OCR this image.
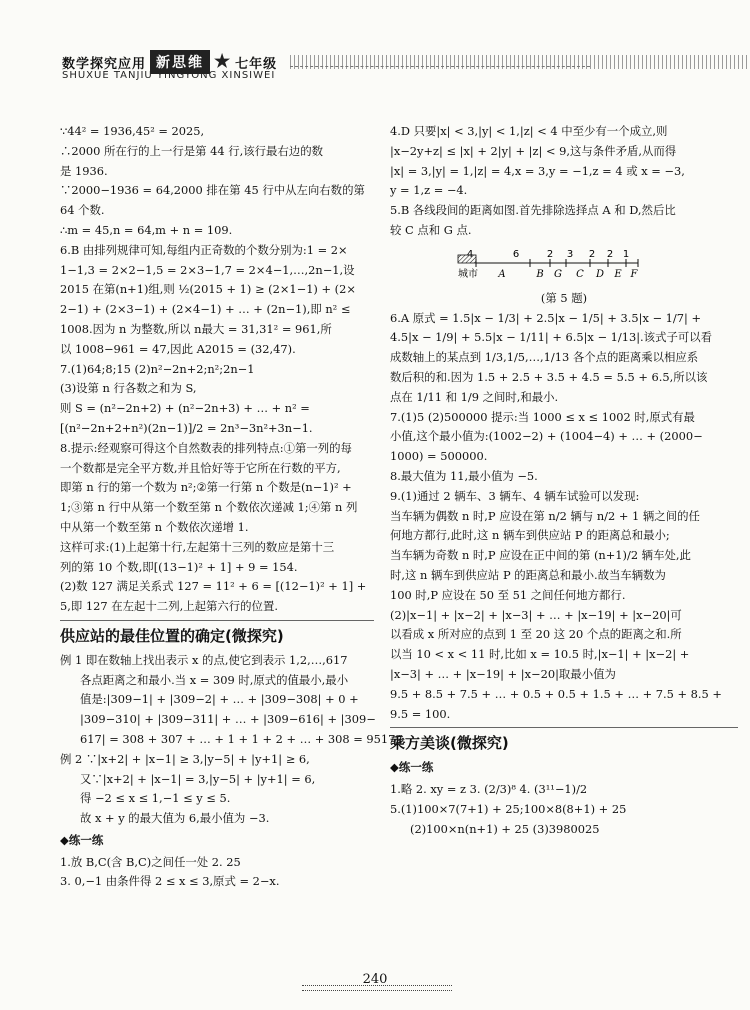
数学探究应用 新思维 ★ 七年级
SHUXUE TANJIU YINGYONG XINSIWEI

∵44² = 1936,45² = 2025,

∴2000 所在行的上一行是第 44 行,该行最右边的数

是 1936.

∵2000−1936 = 64,2000 排在第 45 行中从左向右数的第

64 个数.

∴m = 45,n = 64,m + n = 109.

6.B 由排列规律可知,每组内正奇数的个数分别为:1 = 2×

1−1,3 = 2×2−1,5 = 2×3−1,7 = 2×4−1,…,2n−1,设

2015 在第(n+1)组,则 ½(2015 + 1) ≥ (2×1−1) + (2×

2−1) + (2×3−1) + (2×4−1) + … + (2n−1),即 n² ≤

1008.因为 n 为整数,所以 n最大 = 31,31² = 961,所

以 1008−961 = 47,因此 A2015 = (32,47).

7.(1)64;8;15 (2)n²−2n+2;n²;2n−1

(3)设第 n 行各数之和为 S,

则 S = (n²−2n+2) + (n²−2n+3) + … + n² =

[(n²−2n+2+n²)(2n−1)]/2 = 2n³−3n²+3n−1.

8.提示:经观察可得这个自然数表的排列特点:①第一列的每

一个数都是完全平方数,并且恰好等于它所在行数的平方,

即第 n 行的第一个数为 n²;②第一行第 n 个数是(n−1)² +

1;③第 n 行中从第一个数至第 n 个数依次递减 1;④第 n 列

中从第一个数至第 n 个数依次递增 1.

这样可求:(1)上起第十行,左起第十三列的数应是第十三

列的第 10 个数,即[(13−1)² + 1] + 9 = 154.

(2)数 127 满足关系式 127 = 11² + 6 = [(12−1)² + 1] +

5,即 127 在左起十二列,上起第六行的位置.

供应站的最佳位置的确定(微探究)

例 1 即在数轴上找出表示 x 的点,使它到表示 1,2,…,617

各点距离之和最小.当 x = 309 时,原式的值最小,最小

值是:|309−1| + |309−2| + … + |309−308| + 0 +

|309−310| + |309−311| + … + |309−616| + |309−

617| = 308 + 307 + … + 1 + 1 + 2 + … + 308 = 95172.

例 2 ∵|x+2| + |x−1| ≥ 3,|y−5| + |y+1| ≥ 6,

又∵|x+2| + |x−1| = 3,|y−5| + |y+1| = 6,

得 −2 ≤ x ≤ 1,−1 ≤ y ≤ 5.

故 x + y 的最大值为 6,最小值为 −3.

◆练一练

1.放 B,C(含 B,C)之间任一处 2. 25

3. 0,−1 由条件得 2 ≤ x ≤ 3,原式 = 2−x.

4.D 只要|x| < 3,|y| < 1,|z| < 4 中至少有一个成立,则

|x−2y+z| ≤ |x| + 2|y| + |z| < 9,这与条件矛盾,从而得

|x| = 3,|y| = 1,|z| = 4,x = 3,y = −1,z = 4 或 x = −3,

y = 1,z = −4.

5.B 各线段间的距离如图.首先排除选择点 A 和 D,然后比

较 C 点和 G 点.

4	6	2 3 2 2 1
城市 A	B G C D E F

(第 5 题)

6.A 原式 = 1.5|x − 1/3| + 2.5|x − 1/5| + 3.5|x − 1/7| +

4.5|x − 1/9| + 5.5|x − 1/11| + 6.5|x − 1/13|.该式子可以看

成数轴上的某点到 1/3,1/5,…,1/13 各个点的距离乘以相应系

数后积的和.因为 1.5 + 2.5 + 3.5 + 4.5 = 5.5 + 6.5,所以该

点在 1/11 和 1/9 之间时,和最小.

7.(1)5 (2)500000 提示:当 1000 ≤ x ≤ 1002 时,原式有最

小值,这个最小值为:(1002−2) + (1004−4) + … + (2000−

1000) = 500000.

8.最大值为 11,最小值为 −5.

9.(1)通过 2 辆车、3 辆车、4 辆车试验可以发现:

当车辆为偶数 n 时,P 应设在第 n/2 辆与 n/2 + 1 辆之间的任

何地方都行,此时,这 n 辆车到供应站 P 的距离总和最小;

当车辆为奇数 n 时,P 应设在正中间的第 (n+1)/2 辆车处,此

时,这 n 辆车到供应站 P 的距离总和最小.故当车辆数为

100 时,P 应设在 50 至 51 之间任何地方都行.

(2)|x−1| + |x−2| + |x−3| + … + |x−19| + |x−20|可

以看成 x 所对应的点到 1 至 20 这 20 个点的距离之和.所

以当 10 < x < 11 时,比如 x = 10.5 时,|x−1| + |x−2| +

|x−3| + … + |x−19| + |x−20|取最小值为

9.5 + 8.5 + 7.5 + … + 0.5 + 0.5 + 1.5 + … + 7.5 + 8.5 +

9.5 = 100.

乘方美谈(微探究)
◆练一练

1.略 2. xy = z 3. (2/3)⁸ 4. (3¹¹−1)/2

5.(1)100×7(7+1) + 25;100×8(8+1) + 25

(2)100×n(n+1) + 25 (3)3980025

240
